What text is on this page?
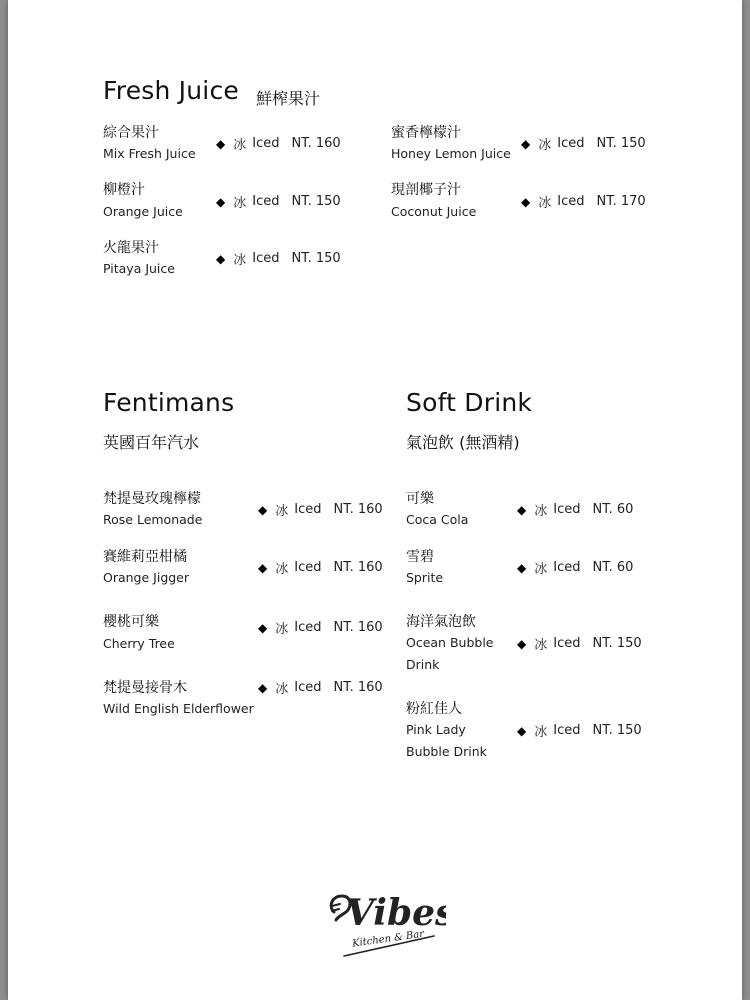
Fresh Juice 鮮榨果汁
綜合果汁
Mix Fresh Juice
◆ 冰 Iced NT. 160
蜜香檸檬汁
Honey Lemon Juice
◆ 冰 Iced NT. 150
柳橙汁
Orange Juice
◆ 冰 Iced NT. 150
現剖椰子汁
Coconut Juice
◆ 冰 Iced NT. 170
火龍果汁
Pitaya Juice
◆ 冰 Iced NT. 150
Fentimans
英國百年汽水
梵提曼玫瑰檸檬
Rose Lemonade
◆ 冰 Iced NT. 160
賽維莉亞柑橘
Orange Jigger
◆ 冰 Iced NT. 160
櫻桃可樂
Cherry Tree
◆ 冰 Iced NT. 160
梵提曼接骨木
Wild English Elderflower
◆ 冰 Iced NT. 160
Soft Drink
氣泡飲 (無酒精)
可樂
Coca Cola
◆ 冰 Iced NT. 60
雪碧
Sprite
◆ 冰 Iced NT. 60
海洋氣泡飲
Ocean Bubble
Drink
◆ 冰 Iced NT. 150
粉紅佳人
Pink Lady
Bubble Drink
◆ 冰 Iced NT. 150
Vibes
Kitchen & Bar
